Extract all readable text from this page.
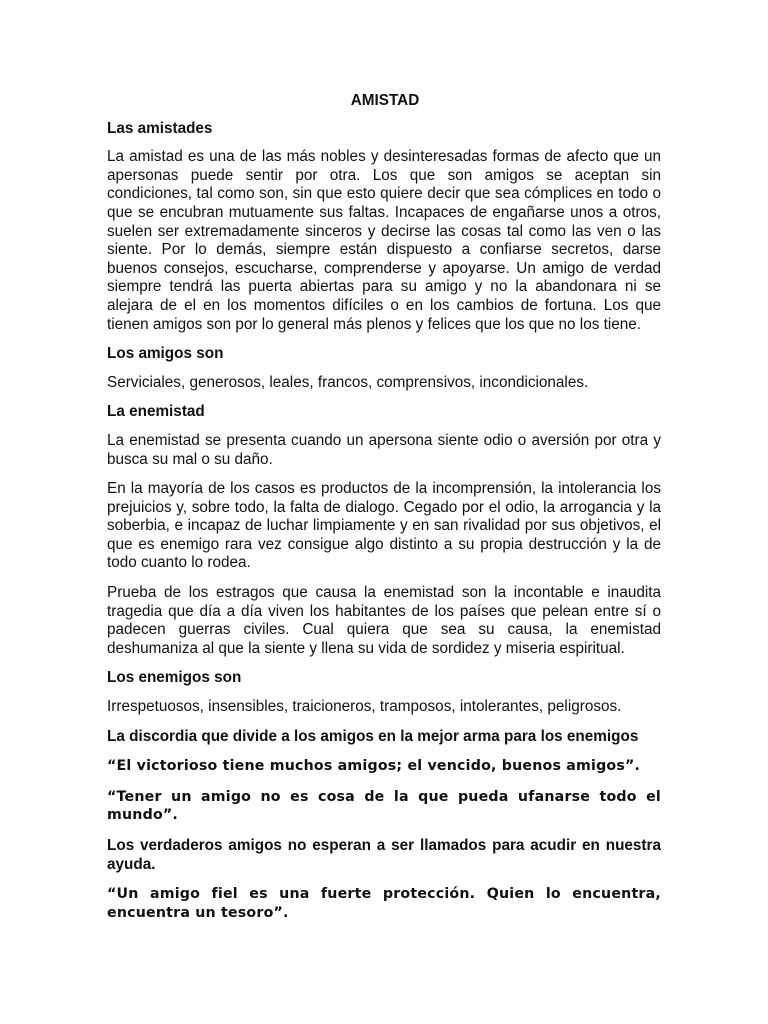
AMISTAD
Las amistades
La amistad es una de las más nobles y desinteresadas formas de afecto que un apersonas puede sentir por otra. Los que son amigos se aceptan sin condiciones, tal como son, sin que esto quiere decir que sea cómplices en todo o que se encubran mutuamente sus faltas. Incapaces de engañarse unos a otros, suelen ser extremadamente sinceros y decirse las cosas tal como las ven o las siente. Por lo demás, siempre están dispuesto a confiarse secretos, darse buenos consejos, escucharse, comprenderse y apoyarse. Un amigo de verdad siempre tendrá las puerta abiertas para su amigo y no la abandonara ni se alejara de el en los momentos difíciles o en los cambios de fortuna. Los que tienen amigos son por lo general más plenos y felices que los que no los tiene.
Los amigos son
Serviciales, generosos, leales, francos, comprensivos, incondicionales.
La enemistad
La enemistad se presenta cuando un apersona siente odio o aversión por otra y busca su mal o su daño.
En la mayoría de los casos es productos de la incomprensión, la intolerancia los prejuicios y, sobre todo, la falta de dialogo. Cegado por el odio, la arrogancia y la soberbia, e incapaz de luchar limpiamente y en san rivalidad por sus objetivos, el que es enemigo rara vez consigue algo distinto a su propia destrucción y la de todo cuanto lo rodea.
Prueba de los estragos que causa la enemistad son la incontable e inaudita tragedia que día a día viven los habitantes de los países que pelean entre sí o padecen guerras civiles. Cual quiera que sea su causa, la enemistad deshumaniza al que la siente y llena su vida de sordidez y miseria espiritual.
Los enemigos son
Irrespetuosos, insensibles, traicioneros, tramposos, intolerantes, peligrosos.
La discordia que divide a los amigos en la mejor arma para los enemigos
“El victorioso tiene muchos amigos; el vencido, buenos amigos”.
“Tener un amigo no es cosa de la que pueda ufanarse todo el mundo”.
Los verdaderos amigos no esperan a ser llamados para acudir en nuestra ayuda.
“Un amigo fiel es una fuerte protección. Quien lo encuentra, encuentra un tesoro”.
